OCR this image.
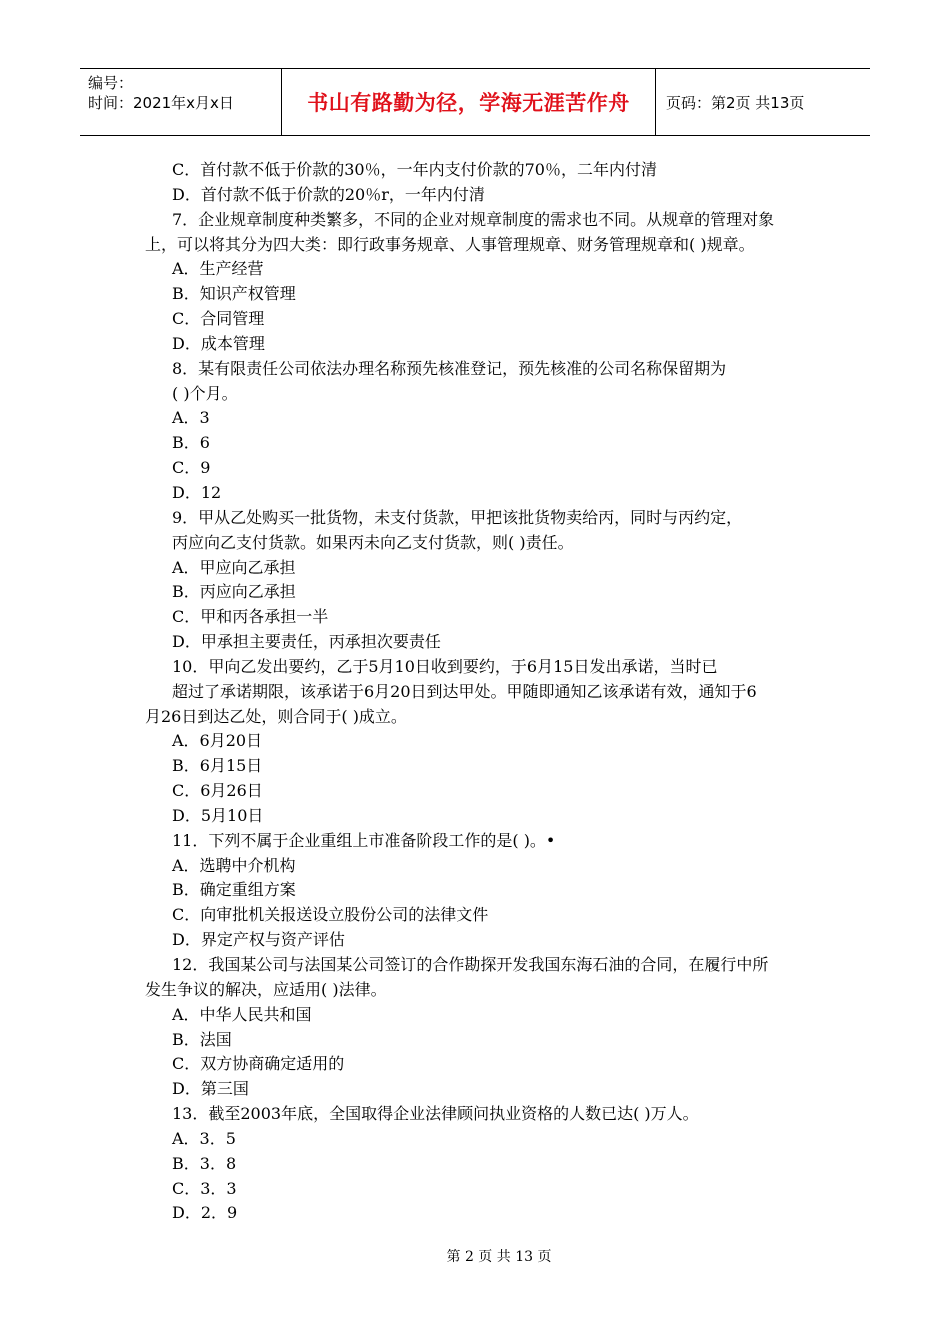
编号：
时间：2021年x月x日	书山有路勤为径，学海无涯苦作舟 页码：第2页 共13页
C．首付款不低于价款的30％，一年内支付价款的70％，二年内付清
D．首付款不低于价款的20％r，一年内付清
7．企业规章制度种类繁多，不同的企业对规章制度的需求也不同。从规章的管理对象
上，可以将其分为四大类：即行政事务规章、人事管理规章、财务管理规章和( )规章。
A．生产经营
B．知识产权管理
C．合同管理
D．成本管理
8．某有限责任公司依法办理名称预先核准登记，预先核准的公司名称保留期为
( )个月。
A．3
B．6
C．9
D．12
9．甲从乙处购买一批货物，未支付货款，甲把该批货物卖给丙，同时与丙约定，
丙应向乙支付货款。如果丙未向乙支付货款，则( )责任。
A．甲应向乙承担
B．丙应向乙承担
C．甲和丙各承担一半
D．甲承担主要责任，丙承担次要责任
10．甲向乙发出要约，乙于5月10日收到要约，于6月15日发出承诺，当时已
超过了承诺期限，该承诺于6月20日到达甲处。甲随即通知乙该承诺有效，通知于6
月26日到达乙处，则合同于( )成立。
A．6月20日
B．6月15日
C．6月26日
D．5月10日
11．下列不属于企业重组上市准备阶段工作的是( )。•
A．选聘中介机构
B．确定重组方案
C．向审批机关报送设立股份公司的法律文件
D．界定产权与资产评估
12．我国某公司与法国某公司签订的合作勘探开发我国东海石油的合同，在履行中所
发生争议的解决，应适用( )法律。
A．中华人民共和国
B．法国
C．双方协商确定适用的
D．第三国
13．截至2003年底，全国取得企业法律顾问执业资格的人数已达( )万人。
A．3．5
B．3．8
C．3．3
D．2．9
第 2 页 共 13 页
